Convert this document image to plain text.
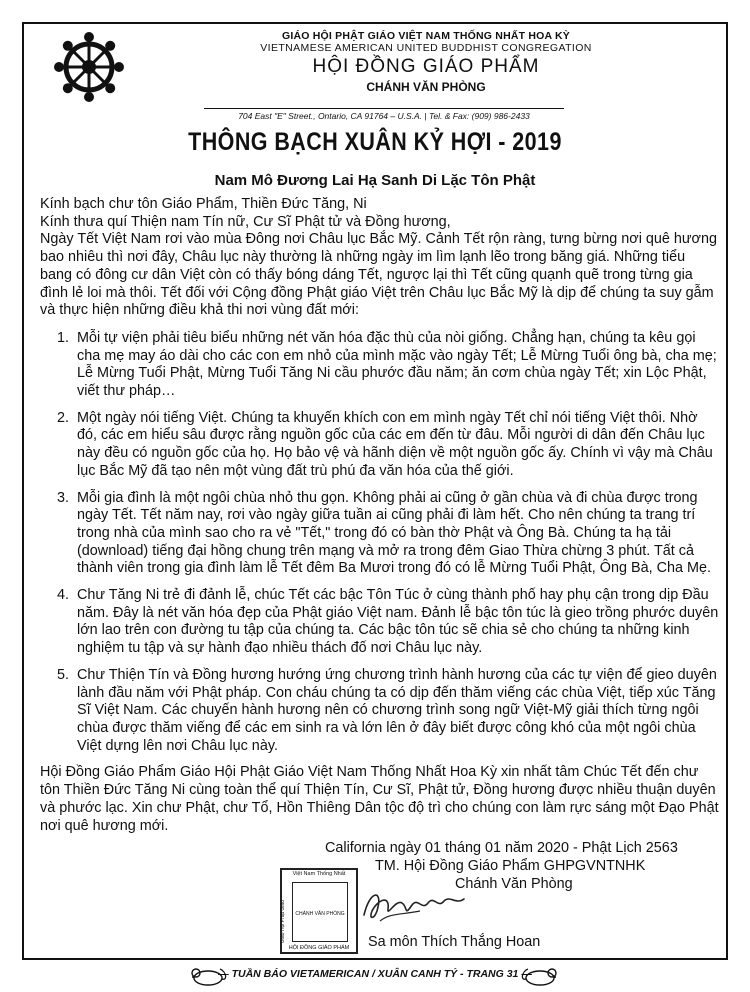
GIÁO HỘI PHẬT GIÁO VIỆT NAM THỐNG NHẤT HOA KỲ
VIETNAMESE AMERICAN UNITED BUDDHIST CONGREGATION
HỘI ĐỒNG GIÁO PHẨM
CHÁNH VĂN PHÒNG
704 East "E" Street., Ontario, CA 91764 – U.S.A. | Tel. & Fax: (909) 986-2433
THÔNG BẠCH XUÂN KỶ HỢI - 2019
Nam Mô Đương Lai Hạ Sanh Di Lặc Tôn Phật

Kính bạch chư tôn Giáo Phẩm, Thiền Đức Tăng, Ni

Kính thưa quí Thiện nam Tín nữ, Cư Sĩ Phật tử và Đồng hương,

Ngày Tết Việt Nam rơi vào mùa Đông nơi Châu lục Bắc Mỹ. Cảnh Tết rộn ràng, tưng bừng nơi quê hương bao nhiêu thì nơi đây, Châu lục này thường là những ngày im lìm lạnh lẽo trong băng giá. Những tiểu bang có đông cư dân Việt còn có thấy bóng dáng Tết, ngược lại thì Tết cũng quạnh quẽ trong từng gia đình lẻ loi mà thôi. Tết đối với Cộng đồng Phật giáo Việt trên Châu lục Bắc Mỹ là dịp để chúng ta suy gẫm và thực hiện những điều khả thi nơi vùng đất mới:

1. Mỗi tự viện phải tiêu biểu những nét văn hóa đặc thù của nòi giống. Chẳng hạn, chúng ta kêu gọi cha mẹ may áo dài cho các con em nhỏ của mình mặc vào ngày Tết; Lễ Mừng Tuổi ông bà, cha mẹ; Lễ Mừng Tuổi Phật, Mừng Tuổi Tăng Ni cầu phước đầu năm; ăn cơm chùa ngày Tết; xin Lộc Phật, viết thư pháp…
2. Một ngày nói tiếng Việt. Chúng ta khuyến khích con em mình ngày Tết chỉ nói tiếng Việt thôi. Nhờ đó, các em hiểu sâu được rằng nguồn gốc của các em đến từ đâu. Mỗi người di dân đến Châu lục này đều có nguồn gốc của họ. Họ bảo vệ và hãnh diện về một nguồn gốc ấy. Chính vì vậy mà Châu lục Bắc Mỹ đã tạo nên một vùng đất trù phú đa văn hóa của thế giới.
3. Mỗi gia đình là một ngôi chùa nhỏ thu gọn. Không phải ai cũng ở gần chùa và đi chùa được trong ngày Tết. Tết năm nay, rơi vào ngày giữa tuần ai cũng phải đi làm hết. Cho nên chúng ta trang trí trong nhà của mình sao cho ra vẻ "Tết," trong đó có bàn thờ Phật và Ông Bà. Chúng ta hạ tải (download) tiếng đại hồng chung trên mạng và mở ra trong đêm Giao Thừa chừng 3 phút. Tất cả thành viên trong gia đình làm lễ Tết đêm Ba Mươi trong đó có lễ Mừng Tuổi Phật, Ông Bà, Cha Mẹ.
4. Chư Tăng Ni trẻ đi đảnh lễ, chúc Tết các bậc Tôn Túc ở cùng thành phố hay phụ cận trong dịp Đầu năm. Đây là nét văn hóa đẹp của Phật giáo Việt nam. Đảnh lễ bậc tôn túc là gieo trồng phước duyên lớn lao trên con đường tu tập của chúng ta. Các bậc tôn túc sẽ chia sẻ cho chúng ta những kinh nghiệm tu tập và sự hành đạo nhiều thách đố nơi Châu lục này.
5. Chư Thiện Tín và Đồng hương hướng ứng chương trình hành hương của các tự viện để gieo duyên lành đầu năm với Phật pháp. Con cháu chúng ta có dịp đến thăm viếng các chùa Việt, tiếp xúc Tăng Sĩ Việt Nam. Các chuyến hành hương nên có chương trình song ngữ Việt-Mỹ giải thích từng ngôi chùa được thăm viếng để các em sinh ra và lớn lên ở đây biết được công khó của một ngôi chùa Việt dựng lên nơi Châu lục này.

Hội Đồng Giáo Phẩm Giáo Hội Phật Giáo Việt Nam Thống Nhất Hoa Kỳ xin nhất tâm Chúc Tết đến chư tôn Thiền Đức Tăng Ni cùng toàn thể quí Thiện Tín, Cư Sĩ, Phật tử, Đồng hương được nhiều thuận duyên và phước lạc. Xin chư Phật, chư Tổ, Hồn Thiêng Dân tộc độ trì cho chúng con làm rực sáng một Đạo Phật nơi quê hương mới.

California ngày 01 tháng 01 năm 2020 - Phật Lịch 2563
TM. Hội Đồng Giáo Phẩm GHPGVNTNHK
Chánh Văn Phòng
Sa môn Thích Thắng Hoan
Việt Nam Thống Nhất
Giáo Hội Phật Giáo	CHÁNH VĂN PHÒNG
HỘI ĐỒNG GIÁO PHẨM
— TUẦN BÁO VIETAMERICAN / XUÂN CANH TÝ - TRANG 31 —
